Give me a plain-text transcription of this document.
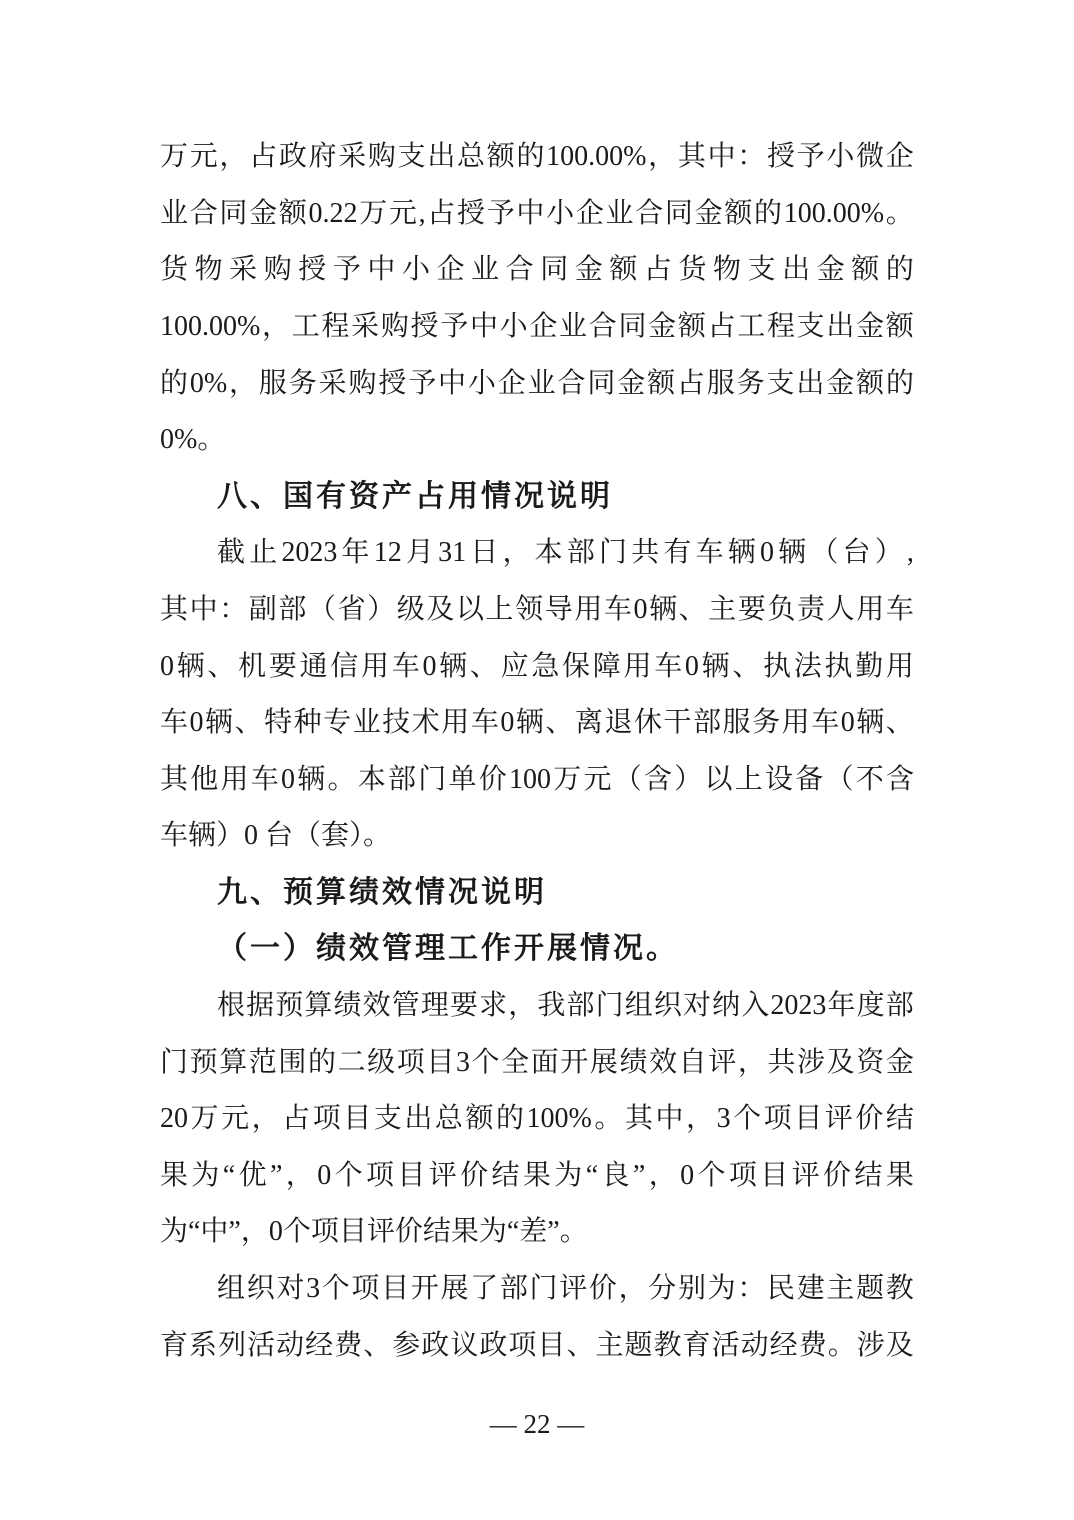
万 元 ， 占 政 府 采 购 支 出 总 额 的 100.00% ， 其 中 ： 授 予 小 微 企
业 合 同 金 额 0.22 万 元 , 占 授 予 中 小 企 业 合 同 金 额 的 100.00% 。
货 物 采 购 授 予 中 小 企 业 合 同 金 额 占 货 物 支 出 金 额 的
100.00% ， 工 程 采 购 授 予 中 小 企 业 合 同 金 额 占 工 程 支 出 金 额
的 0% ， 服 务 采 购 授 予 中 小 企 业 合 同 金 额 占 服 务 支 出 金 额 的
0%。
八、国有资产占用情况说明
截 止 2023 年 12 月 31 日 ， 本 部 门 共 有 车 辆 0 辆 （ 台 ） ,
其 中 ： 副 部 （ 省 ） 级 及 以 上 领 导 用 车 0 辆 、 主 要 负 责 人 用 车
0 辆 、 机 要 通 信 用 车 0 辆 、 应 急 保 障 用 车 0 辆 、 执 法 执 勤 用
车 0 辆 、 特 种 专 业 技 术 用 车 0 辆 、 离 退 休 干 部 服 务 用 车 0 辆 、
其 他 用 车 0 辆 。 本 部 门 单 价 100 万 元 （ 含 ） 以 上 设 备 （ 不 含
车辆）0 台（套）。
九、预算绩效情况说明
（一）绩效管理工作开展情况。
根 据 预 算 绩 效 管 理 要 求 ， 我 部 门 组 织 对 纳 入 2023 年 度 部
门 预 算 范 围 的 二 级 项 目 3 个 全 面 开 展 绩 效 自 评 ， 共 涉 及 资 金
20 万 元 ， 占 项 目 支 出 总 额 的 100% 。 其 中 ， 3 个 项 目 评 价 结
果 为 “ 优 ” ， 0 个 项 目 评 价 结 果 为 “ 良 ” ， 0 个 项 目 评 价 结 果
为“中”，0个项目评价结果为“差”。
组 织 对 3 个 项 目 开 展 了 部 门 评 价 ， 分 别 为 ： 民 建 主 题 教
育 系 列 活 动 经 费 、 参 政 议 政 项 目 、 主 题 教 育 活 动 经 费 。 涉 及
— 22 —
